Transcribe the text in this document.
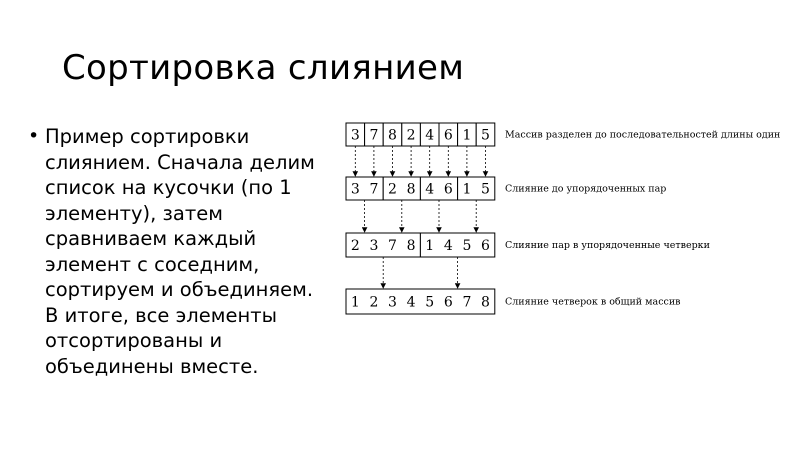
Сортировка слиянием
• Пример сортировки слиянием. Сначала делим список на кусочки (по 1 элементу), затем сравниваем каждый элемент с соседним, сортируем и объединяем. В итоге, все элементы отсортированы и объединены вместе.
3 7 8 2 4 6 1 5 Массив разделен до последовательностей длины один
3 7 2 8 4 6 1 5 Слияние до упорядоченных пар
2 3 7 8 1 4 5 6 Слияние пар в упорядоченные четверки
1 2 3 4 5 6 7 8 Слияние четверок в общий массив
